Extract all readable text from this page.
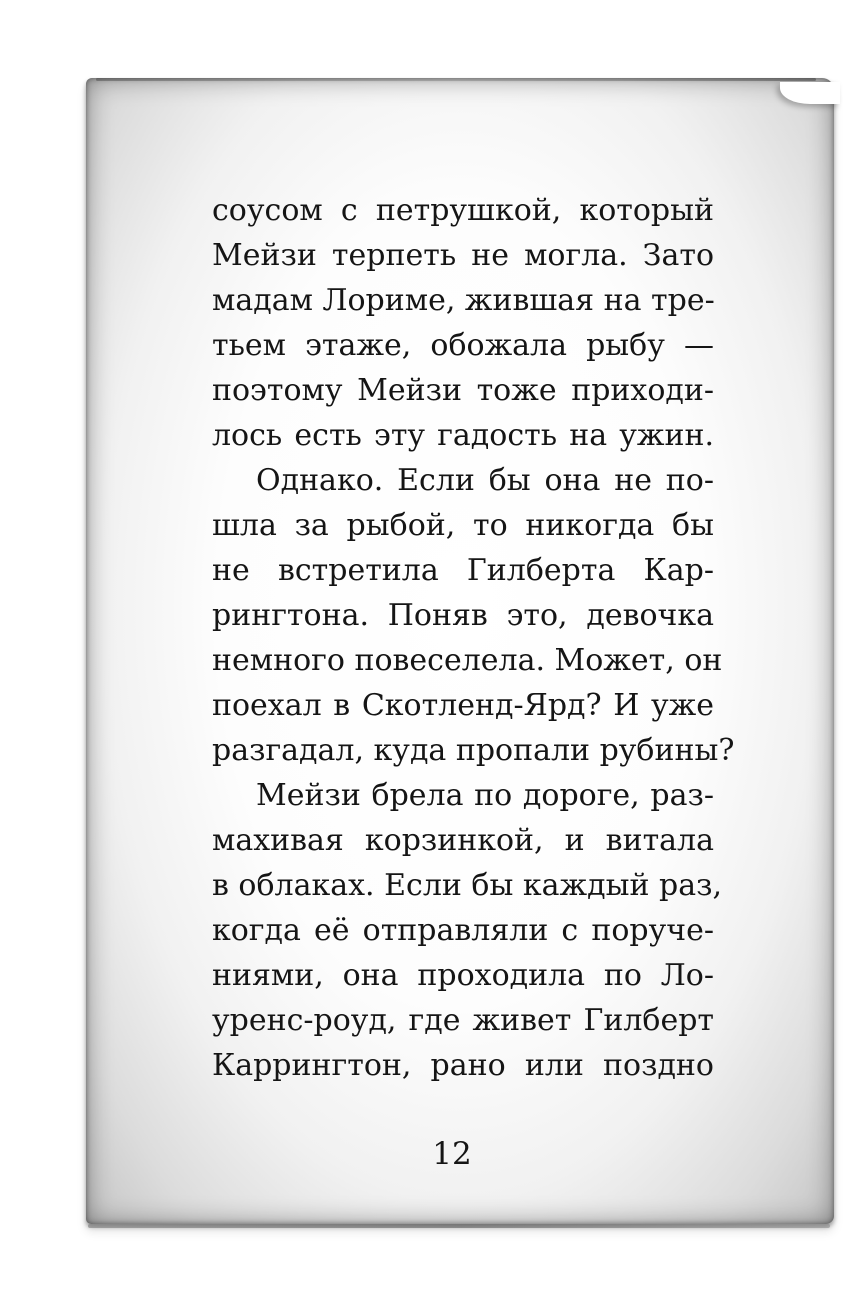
соусом с петрушкой, который
Мейзи терпеть не могла. Зато
мадам Лориме, жившая на тре-
тьем этаже, обожала рыбу —
поэтому Мейзи тоже приходи-
лось есть эту гадость на ужин.
Однако. Если бы она не по-
шла за рыбой, то никогда бы
не встретила Гилберта Кар-
рингтона. Поняв это, девочка
немного повеселела. Может, он
поехал в Скотленд-Ярд? И уже
разгадал, куда пропали рубины?
Мейзи брела по дороге, раз-
махивая корзинкой, и витала
в облаках. Если бы каждый раз,
когда её отправляли с поруче-
ниями, она проходила по Ло-
уренс-роуд, где живет Гилберт
Каррингтон, рано или поздно
12
